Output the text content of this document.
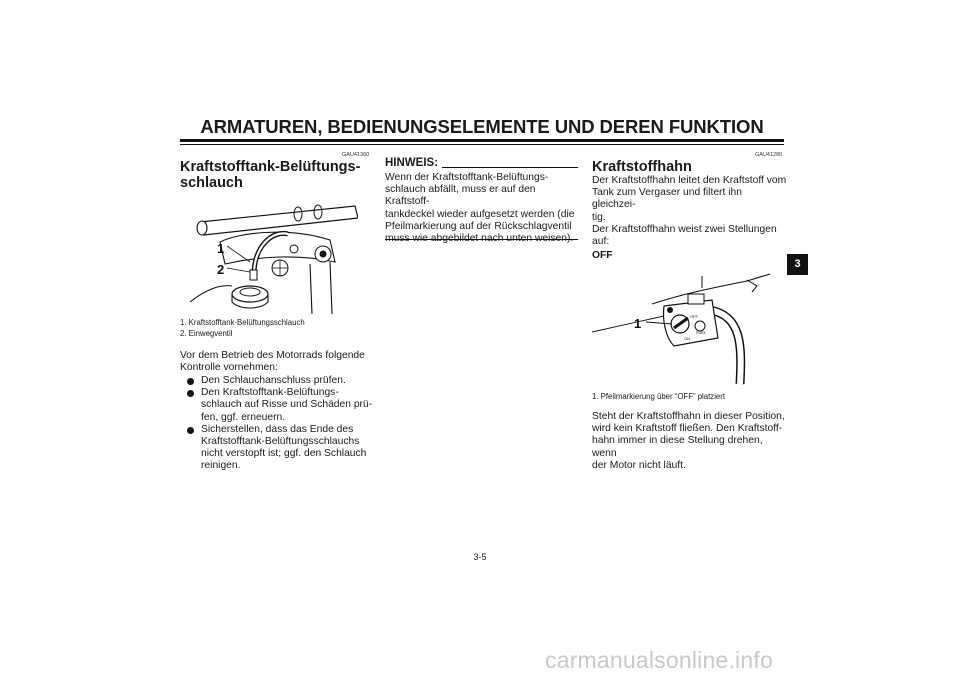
ARMATUREN, BEDIENUNGSELEMENTE UND DEREN FUNKTION
GAU41360
Kraftstofftank-Belüftungs-
schlauch
1
2
1. Kraftstofftank-Belüftungsschlauch
2. Einwegventil
Vor dem Betrieb des Motorrads folgende
Kontrolle vornehmen:
Den Schlauchanschluss prüfen.
Den Kraftstofftank-Belüftungs-
schlauch auf Risse und Schäden prü-
fen, ggf. erneuern.
Sicherstellen, dass das Ende des
Kraftstofftank-Belüftungsschlauchs
nicht verstopft ist; ggf. den Schlauch
reinigen.
HINWEIS:
Wenn der Kraftstofftank-Belüftungs-
schlauch abfällt, muss er auf den Kraftstoff-
tankdeckel wieder aufgesetzt werden (die
Pfeilmarkierung auf der Rückschlagventil
GAU41280
Kraftstoffhahn
Der Kraftstoffhahn leitet den Kraftstoff vom
Tank zum Vergaser und filtert ihn gleichzei-
tig.
Der Kraftstoffhahn weist zwei Stellungen
auf:
OFF
FUEL
OFF
ON
1
1. Pfeilmarkierung über “OFF” platziert
Steht der Kraftstoffhahn in dieser Position,
wird kein Kraftstoff fließen. Den Kraftstoff-
hahn immer in diese Stellung drehen, wenn
der Motor nicht läuft.
3
3-5
carmanualsonline.info
